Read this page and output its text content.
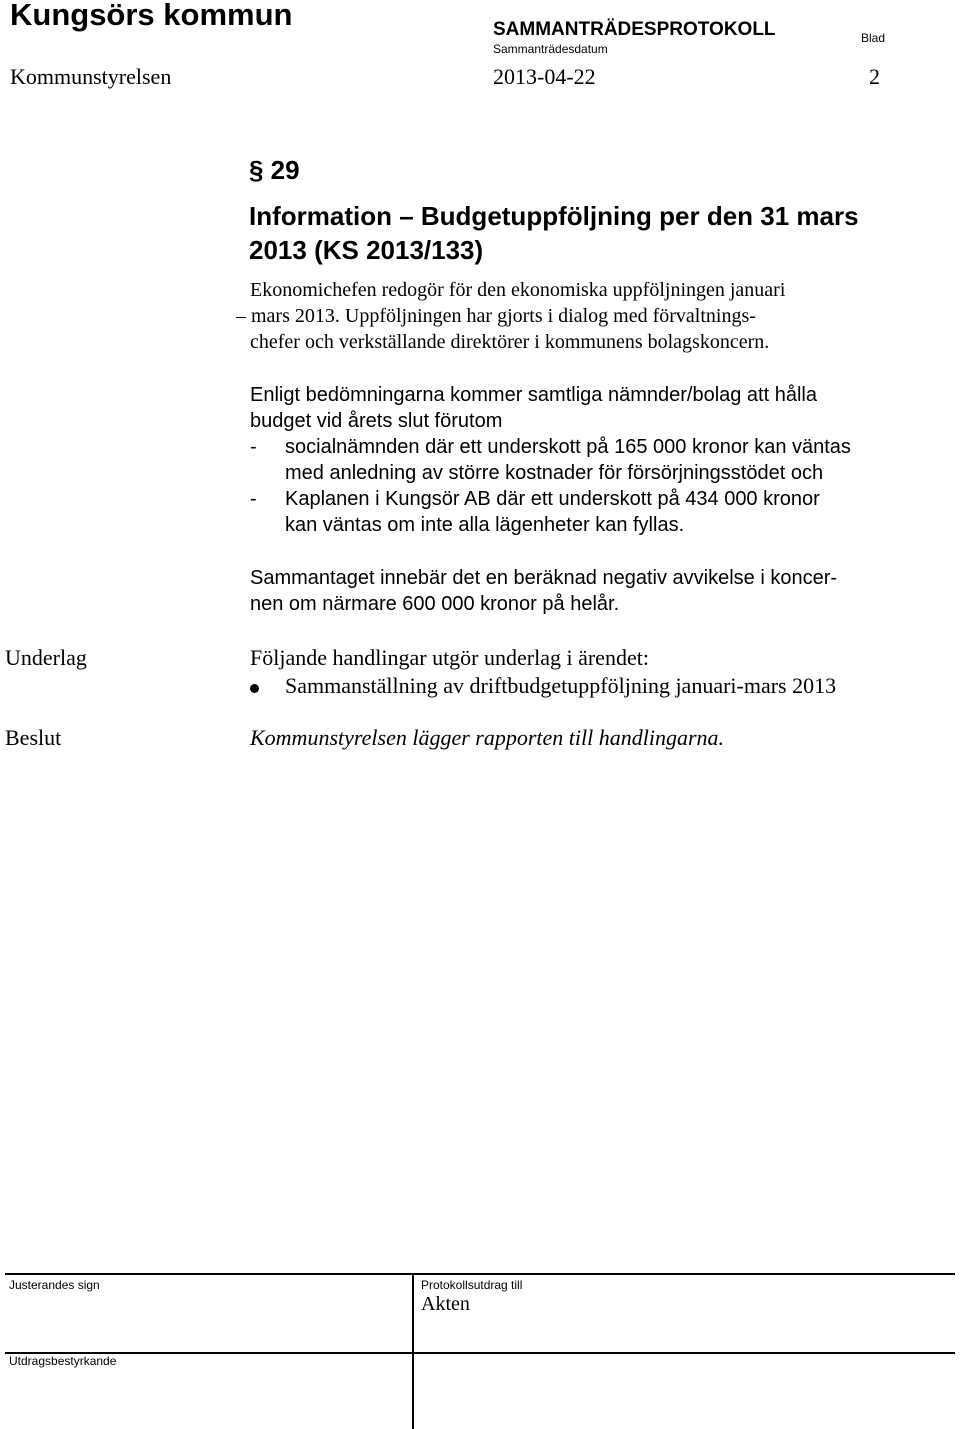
Kungsörs kommun	SAMMANTRÄDESPROTOKOLL
Sammanträdesdatum
Blad
Kommunstyrelsen	2013-04-22	2
§ 29
Information – Budgetuppföljning per den 31 mars 2013 (KS 2013/133)
Ekonomichefen redogör för den ekonomiska uppföljningen januari
– mars 2013. Uppföljningen har gjorts i dialog med förvaltnings-
chefer och verkställande direktörer i kommunens bolagskoncern.
Enligt bedömningarna kommer samtliga nämnder/bolag att hålla
budget vid årets slut förutom
- socialnämnden där ett underskott på 165 000 kronor kan väntas
med anledning av större kostnader för försörjningsstödet och
- Kaplanen i Kungsör AB där ett underskott på 434 000 kronor
kan väntas om inte alla lägenheter kan fyllas.
Sammantaget innebär det en beräknad negativ avvikelse i koncer-
nen om närmare 600 000 kronor på helår.
Underlag	Följande handlingar utgör underlag i ärendet:
Sammanställning av driftbudgetuppföljning januari-mars 2013
Beslut	Kommunstyrelsen lägger rapporten till handlingarna.
Justerandes sign	Protokollsutdrag till
Akten
Utdragsbestyrkande
